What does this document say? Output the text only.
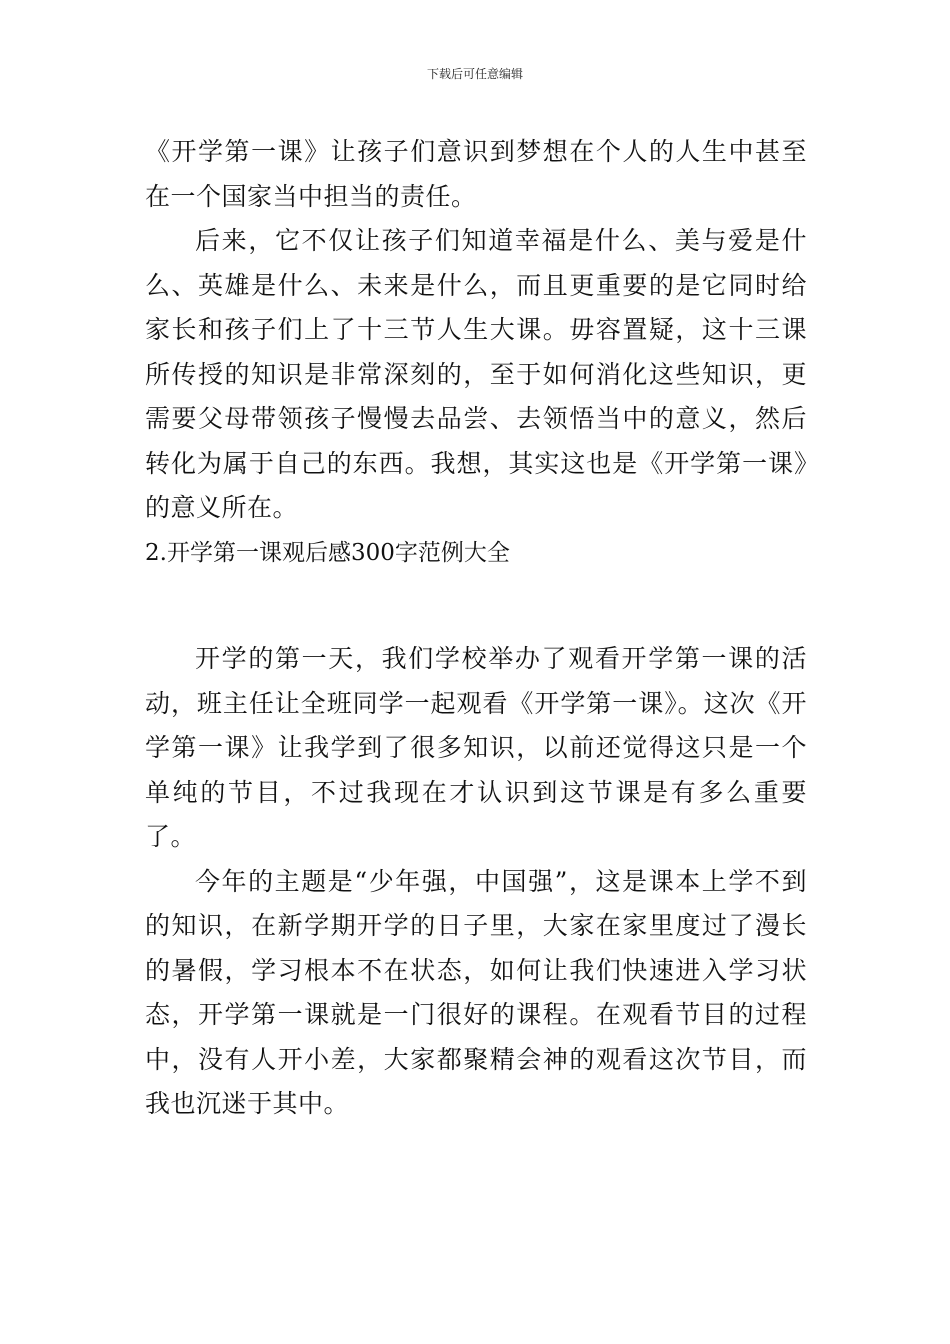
下载后可任意编辑

《开学第一课》让孩子们意识到梦想在个人的人生中甚至在一个国家当中担当的责任。

后来，它不仅让孩子们知道幸福是什么、美与爱是什么、英雄是什么、未来是什么，而且更重要的是它同时给家长和孩子们上了十三节人生大课。毋容置疑，这十三课所传授的知识是非常深刻的，至于如何消化这些知识，更需要父母带领孩子慢慢去品尝、去领悟当中的意义，然后转化为属于自己的东西。我想，其实这也是《开学第一课》的意义所在。

2.开学第一课观后感300字范例大全

开学的第一天，我们学校举办了观看开学第一课的活动，班主任让全班同学一起观看《开学第一课》。这次《开学第一课》让我学到了很多知识，以前还觉得这只是一个单纯的节目，不过我现在才认识到这节课是有多么重要了。

今年的主题是“少年强，中国强”，这是课本上学不到的知识，在新学期开学的日子里，大家在家里度过了漫长的暑假，学习根本不在状态，如何让我们快速进入学习状态，开学第一课就是一门很好的课程。在观看节目的过程中，没有人开小差，大家都聚精会神的观看这次节目，而我也沉迷于其中。
